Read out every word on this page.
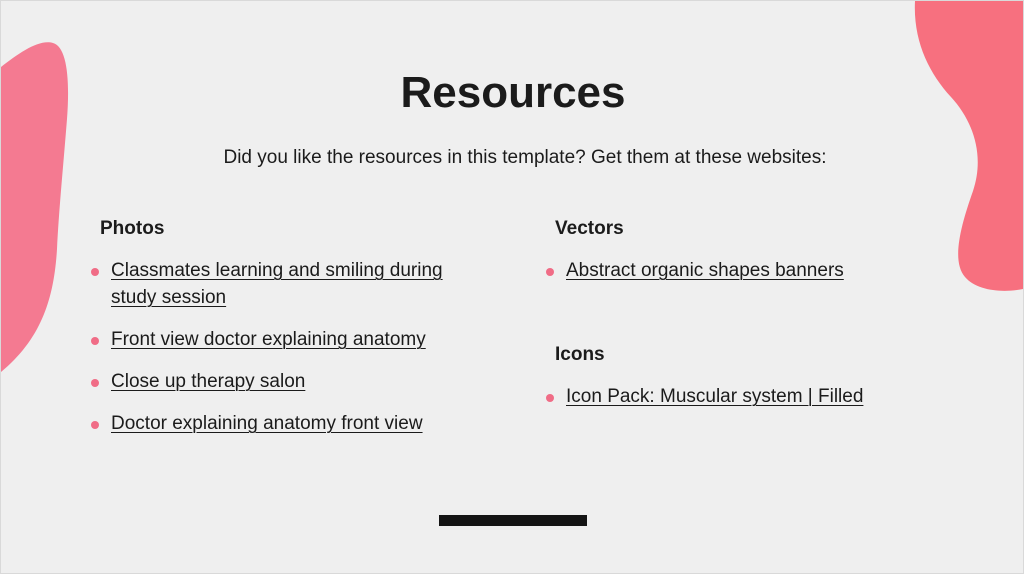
Resources
Did you like the resources in this template? Get them at these websites:
Photos
Classmates learning and smiling during study session
Front view doctor explaining anatomy
Close up therapy salon
Doctor explaining anatomy front view
Vectors
Abstract organic shapes banners
Icons
Icon Pack: Muscular system | Filled
